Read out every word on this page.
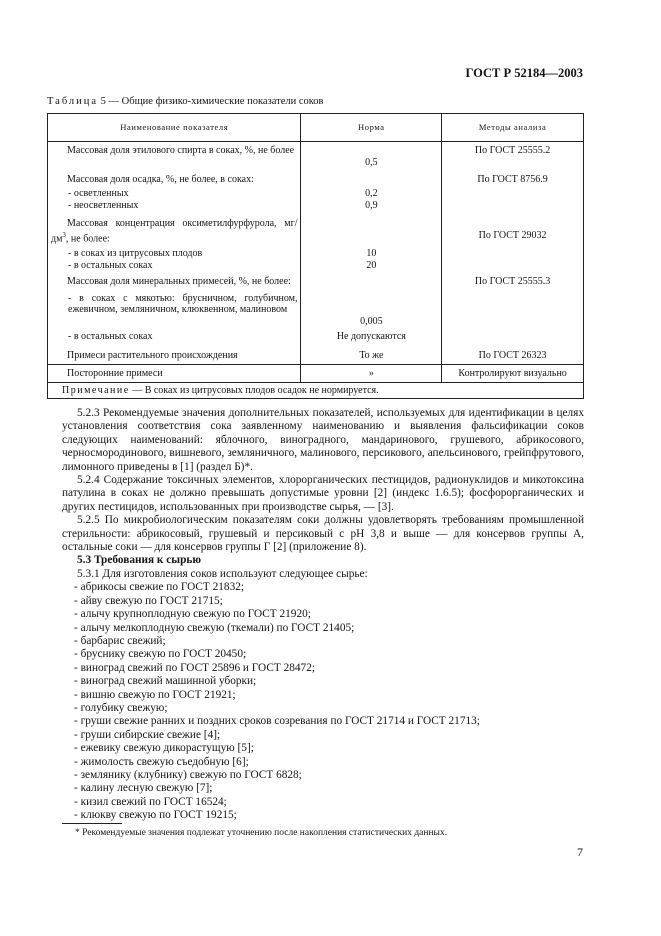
ГОСТ Р 52184—2003
Таблица 5 — Общие физико-химические показатели соков
Наименование показателя	Норма	Методы анализа
Массовая доля этилового спирта в соках, %, не более	0,5	По ГОСТ 25555.2
Массовая доля осадка, %, не более, в соках:		По ГОСТ 8756.9
- осветленных	0,2	
- неосветленных	0,9	
Массовая концентрация оксиметилфурфурола, $мг/дм^3$, не более:		По ГОСТ 29032
- в соках из цитрусовых плодов	10	
- в остальных соках	20	
Массовая доля минеральных примесей, %, не более:		По ГОСТ 25555.3
- в соках с мякотью: брусничном, голубичном, ежевичном, земляничном, клюквенном, малиновом	0,005	
- в остальных соках	Не допускаются	
Примеси растительного происхождения	То же	По ГОСТ 26323
Посторонние примеси	»	Контролируют визуально
Примечание — В соках из цитрусовых плодов осадок не нормируется.		

5.2.3 Рекомендуемые значения дополнительных показателей, используемых для идентификации в целях установления соответствия сока заявленному наименованию и выявления фальсификации соков следующих наименований: яблочного, виноградного, мандаринового, грушевого, абрикосового, черносмородинового, вишневого, земляничного, малинового, персикового, апельсинового, грейпфрутового, лимонного приведены в [1] (раздел Б)*.

5.2.4 Содержание токсичных элементов, хлорорганических пестицидов, радионуклидов и микотоксина патулина в соках не должно превышать допустимые уровни [2] (индекс 1.6.5); фосфорорганических и других пестицидов, использованных при производстве сырья, — [3].

5.2.5 По микробиологическим показателям соки должны удовлетворять требованиям промышленной стерильности: абрикосовый, грушевый и персиковый с pH 3,8 и выше — для консервов группы А, остальные соки — для консервов группы Г [2] (приложение 8).

5.3 Требования к сырью

5.3.1 Для изготовления соков используют следующее сырье:

- абрикосы свежие по ГОСТ 21832;
- айву свежую по ГОСТ 21715;
- алычу крупноплодную свежую по ГОСТ 21920;
- алычу мелкоплодную свежую (ткемали) по ГОСТ 21405;
- барбарис свежий;
- бруснику свежую по ГОСТ 20450;
- виноград свежий по ГОСТ 25896 и ГОСТ 28472;
- виноград свежий машинной уборки;
- вишню свежую по ГОСТ 21921;
- голубику свежую;
- груши свежие ранних и поздних сроков созревания по ГОСТ 21714 и ГОСТ 21713;
- груши сибирские свежие [4];
- ежевику свежую дикорастущую [5];
- жимолость свежую съедобную [6];
- землянику (клубнику) свежую по ГОСТ 6828;
- калину лесную свежую [7];
- кизил свежий по ГОСТ 16524;
- клюкву свежую по ГОСТ 19215;
* Рекомендуемые значения подлежат уточнению после накопления статистических данных.
7
